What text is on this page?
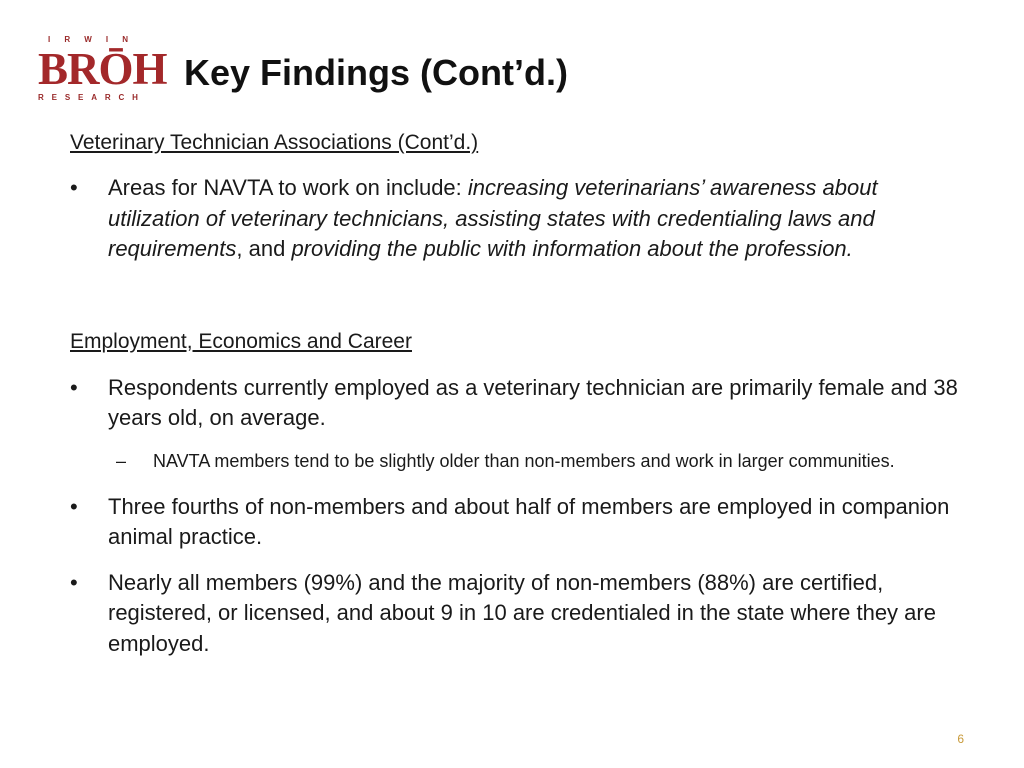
I R W I N
BRŌH
R E S E A R C H
Key Findings (Cont’d.)

Veterinary Technician Associations (Cont’d.)

• Areas for NAVTA to work on include: increasing veterinarians’ awareness about utilization of veterinary technicians, assisting states with credentialing laws and requirements, and providing the public with information about the profession.

Employment, Economics and Career

• Respondents currently employed as a veterinary technician are primarily female and 38 years old, on average.
– NAVTA members tend to be slightly older than non-members and work in larger communities.
• Three fourths of non-members and about half of members are employed in companion animal practice.
• Nearly all members (99%) and the majority of non-members (88%) are certified, registered, or licensed, and about 9 in 10 are credentialed in the state where they are employed.
6
